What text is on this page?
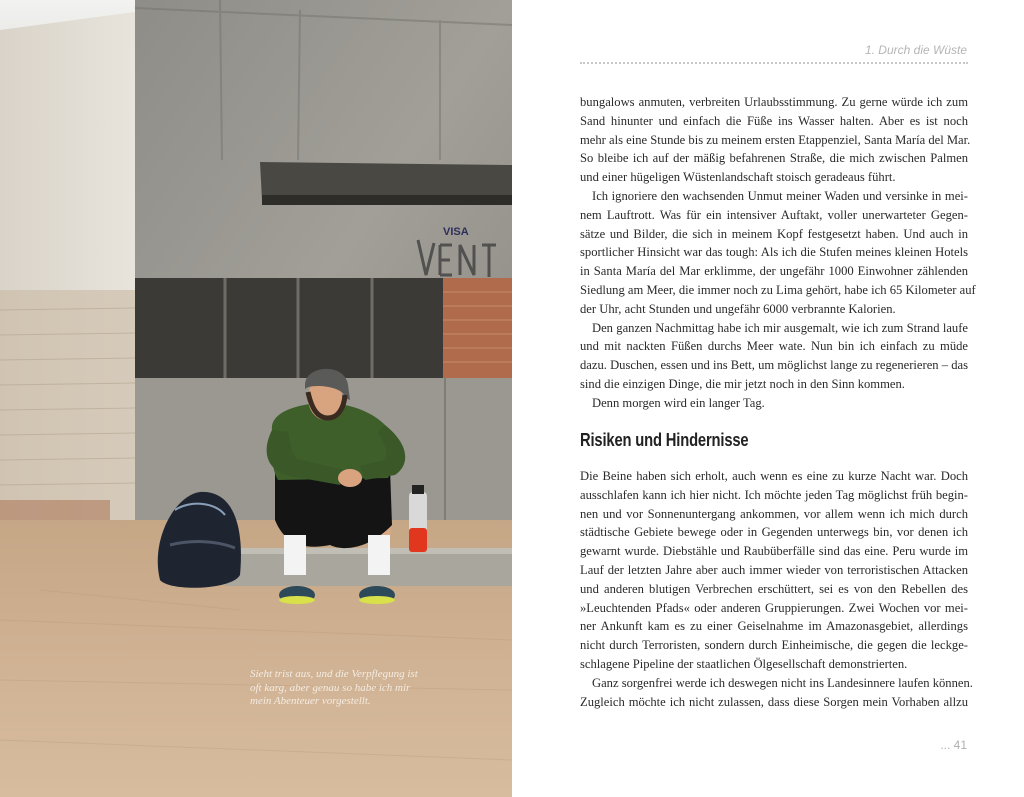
VISA
Sieht trist aus, und die Verpflegung ist
oft karg, aber genau so habe ich mir
mein Abenteuer vorgestellt.
1. Durch die Wüste
bungalows anmuten, verbreiten Urlaubsstimmung. Zu gerne würde ich zum
Sand hinunter und einfach die Füße ins Wasser halten. Aber es ist noch
mehr als eine Stunde bis zu meinem ersten Etappenziel, Santa María del Mar.
So bleibe ich auf der mäßig befahrenen Straße, die mich zwischen Palmen
und einer hügeligen Wüstenlandschaft stoisch geradeaus führt.
Ich ignoriere den wachsenden Unmut meiner Waden und versinke in mei-
nem Lauftrott. Was für ein intensiver Auftakt, voller unerwarteter Gegen-
sätze und Bilder, die sich in meinem Kopf festgesetzt haben. Und auch in
sportlicher Hinsicht war das tough: Als ich die Stufen meines kleinen Hotels
in Santa María del Mar erklimme, der ungefähr 1000 Einwohner zählenden
Siedlung am Meer, die immer noch zu Lima gehört, habe ich 65 Kilometer auf
der Uhr, acht Stunden und ungefähr 6000 verbrannte Kalorien.
Den ganzen Nachmittag habe ich mir ausgemalt, wie ich zum Strand laufe
und mit nackten Füßen durchs Meer wate. Nun bin ich einfach zu müde
dazu. Duschen, essen und ins Bett, um möglichst lange zu regenerieren – das
sind die einzigen Dinge, die mir jetzt noch in den Sinn kommen.
Denn morgen wird ein langer Tag.
Risiken und Hindernisse
Die Beine haben sich erholt, auch wenn es eine zu kurze Nacht war. Doch
ausschlafen kann ich hier nicht. Ich möchte jeden Tag möglichst früh begin-
nen und vor Sonnenuntergang ankommen, vor allem wenn ich mich durch
städtische Gebiete bewege oder in Gegenden unterwegs bin, vor denen ich
gewarnt wurde. Diebstähle und Raubüberfälle sind das eine. Peru wurde im
Lauf der letzten Jahre aber auch immer wieder von terroristischen Attacken
und anderen blutigen Verbrechen erschüttert, sei es von den Rebellen des
»Leuchtenden Pfads« oder anderen Gruppierungen. Zwei Wochen vor mei-
ner Ankunft kam es zu einer Geiselnahme im Amazonasgebiet, allerdings
nicht durch Terroristen, sondern durch Einheimische, die gegen die leckge-
schlagene Pipeline der staatlichen Ölgesellschaft demonstrierten.
Ganz sorgenfrei werde ich deswegen nicht ins Landesinnere laufen können.
Zugleich möchte ich nicht zulassen, dass diese Sorgen mein Vorhaben allzu
... 41
